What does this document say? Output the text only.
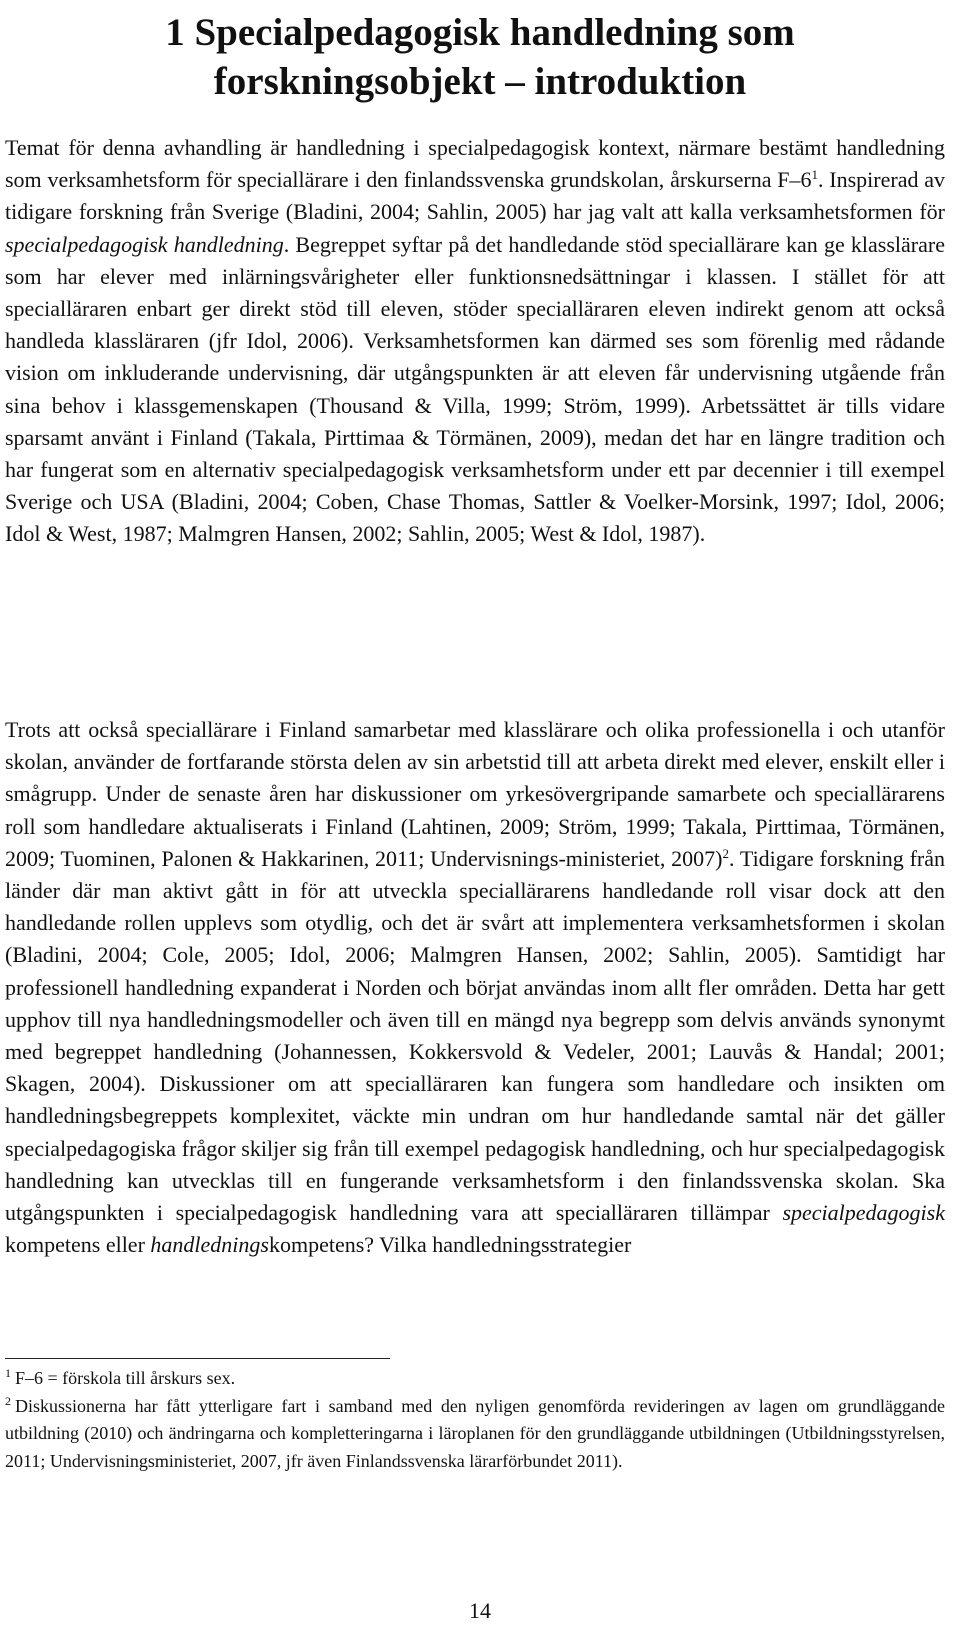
1 Specialpedagogisk handledning som forskningsobjekt – introduktion

Temat för denna avhandling är handledning i specialpedagogisk kontext, närmare bestämt handledning som verksamhetsform för speciallärare i den finlandssvenska grundskolan, årskurserna $F-6^1$. Inspirerad av tidigare forskning från Sverige (Bladini, 2004; Sahlin, 2005) har jag valt att kalla verksamhetsformen för specialpedagogisk handledning. Begreppet syftar på det handledande stöd speciallärare kan ge klasslärare som har elever med inlärningsvårigheter eller funktionsnedsättningar i klassen. I stället för att specialläraren enbart ger direkt stöd till eleven, stöder specialläraren eleven indirekt genom att också handleda klassläraren (jfr Idol, 2006). Verksamhetsformen kan därmed ses som förenlig med rådande vision om inkluderande undervisning, där utgångspunkten är att eleven får undervisning utgående från sina behov i klassgemenskapen (Thousand & Villa, 1999; Ström, 1999). Arbetssättet är tills vidare sparsamt använt i Finland (Takala, Pirttimaa & Törmänen, 2009), medan det har en längre tradition och har fungerat som en alternativ specialpedagogisk verksamhetsform under ett par decennier i till exempel Sverige och USA (Bladini, 2004; Coben, Chase Thomas, Sattler & Voelker-Morsink, 1997; Idol, 2006; Idol & West, 1987; Malmgren Hansen, 2002; Sahlin, 2005; West & Idol, 1987).

Trots att också speciallärare i Finland samarbetar med klasslärare och olika professionella i och utanför skolan, använder de fortfarande största delen av sin arbetstid till att arbeta direkt med elever, enskilt eller i smågrupp. Under de senaste åren har diskussioner om yrkesövergripande samarbete och speciallärarens roll som handledare aktualiserats i Finland (Lahtinen, 2009; Ström, 1999; Takala, Pirttimaa, Törmänen, 2009; Tuominen, Palonen & Hakkarinen, 2011; Undervisnings-ministeriet, 2007)$^2$. Tidigare forskning från länder där man aktivt gått in för att utveckla speciallärarens handledande roll visar dock att den handledande rollen upplevs som otydlig, och det är svårt att implementera verksamhetsformen i skolan (Bladini, 2004; Cole, 2005; Idol, 2006; Malmgren Hansen, 2002; Sahlin, 2005). Samtidigt har professionell handledning expanderat i Norden och börjat användas inom allt fler områden. Detta har gett upphov till nya handledningsmodeller och även till en mängd nya begrepp som delvis används synonymt med begreppet handledning (Johannessen, Kokkersvold & Vedeler, 2001; Lauvås & Handal; 2001; Skagen, 2004). Diskussioner om att specialläraren kan fungera som handledare och insikten om handledningsbegreppets komplexitet, väckte min undran om hur handledande samtal när det gäller specialpedagogiska frågor skiljer sig från till exempel pedagogisk handledning, och hur specialpedagogisk handledning kan utvecklas till en fungerande verksamhetsform i den finlandssvenska skolan. Ska utgångspunkten i specialpedagogisk handledning vara att specialläraren tillämpar specialpedagogisk kompetens eller handledningskompetens? Vilka handledningsstrategier

$^1$ F–6 = förskola till årskurs sex.

$^2$ Diskussionerna har fått ytterligare fart i samband med den nyligen genomförda revideringen av lagen om grundläggande utbildning (2010) och ändringarna och kompletteringarna i läroplanen för den grundläggande utbildningen (Utbildningsstyrelsen, 2011; Undervisningsministeriet, 2007, jfr även Finlandssvenska lärarförbundet 2011).

14
